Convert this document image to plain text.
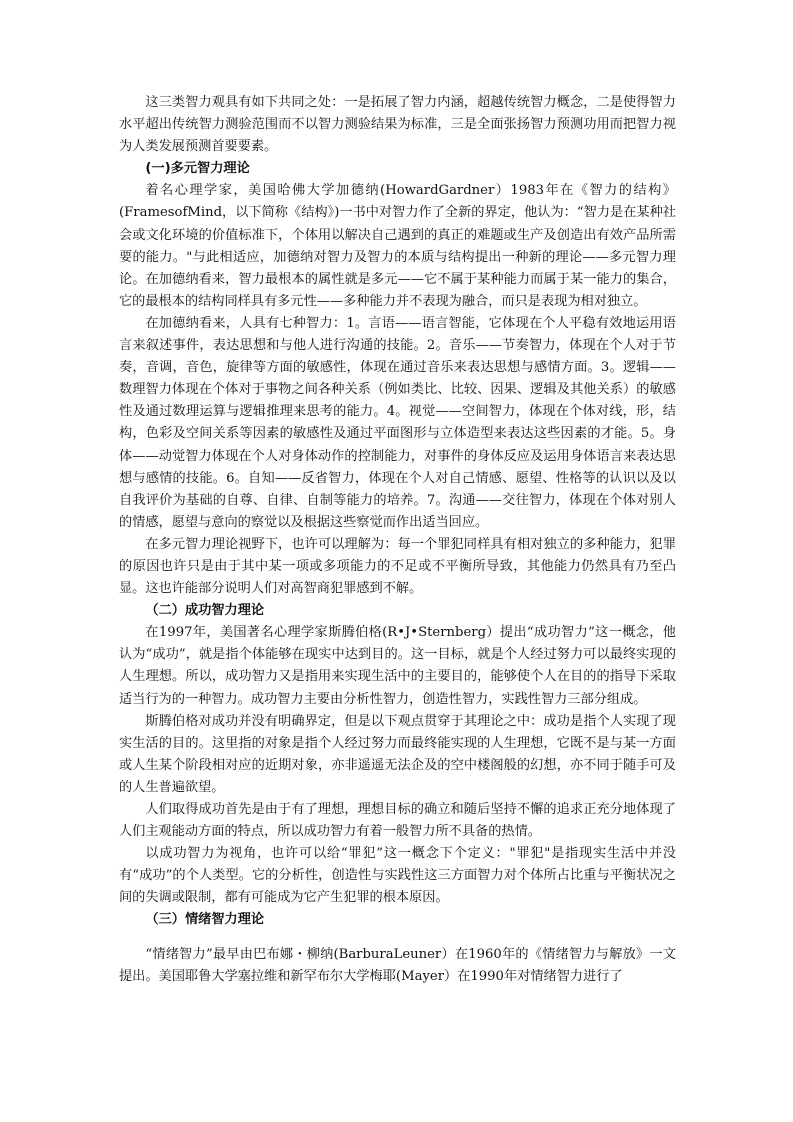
这三类智力观具有如下共同之处：一是拓展了智力内涵，超越传统智力概念，二是使得智力水平超出传统智力测验范围而不以智力测验结果为标准，三是全面张扬智力预测功用而把智力视为人类发展预测首要要素。

(一)多元智力理论

着名心理学家，美国哈佛大学加德纳(HowardGardner）1983年在《智力的结构》(FramesofMind，以下简称《结构》)一书中对智力作了全新的界定，他认为：“智力是在某种社会或文化环境的价值标准下，个体用以解决自己遇到的真正的难题或生产及创造出有效产品所需要的能力。"与此相适应，加德纳对智力及智力的本质与结构提出一种新的理论——多元智力理论。在加德纳看来，智力最根本的属性就是多元——它不属于某种能力而属于某一能力的集合，它的最根本的结构同样具有多元性——多种能力并不表现为融合，而只是表现为相对独立。

在加德纳看来，人具有七种智力：1。言语——语言智能，它体现在个人平稳有效地运用语言来叙述事件，表达思想和与他人进行沟通的技能。2。音乐——节奏智力，体现在个人对于节奏，音调，音色，旋律等方面的敏感性，体现在通过音乐来表达思想与感情方面。3。逻辑——数理智力体现在个体对于事物之间各种关系（例如类比、比较、因果、逻辑及其他关系）的敏感性及通过数理运算与逻辑推理来思考的能力。4。视觉——空间智力，体现在个体对线，形，结构，色彩及空间关系等因素的敏感性及通过平面图形与立体造型来表达这些因素的才能。5。身体——动觉智力体现在个人对身体动作的控制能力，对事件的身体反应及运用身体语言来表达思想与感情的技能。6。自知——反省智力，体现在个人对自己情感、愿望、性格等的认识以及以自我评价为基础的自尊、自律、自制等能力的培养。7。沟通——交往智力，体现在个体对别人的情感，愿望与意向的察觉以及根据这些察觉而作出适当回应。

在多元智力理论视野下，也许可以理解为：每一个罪犯同样具有相对独立的多种能力，犯罪的原因也许只是由于其中某一项或多项能力的不足或不平衡所导致，其他能力仍然具有乃至凸显。这也许能部分说明人们对高智商犯罪感到不解。

（二）成功智力理论

在1997年，美国著名心理学家斯腾伯格(R•J•Sternberg）提出“成功智力”这一概念，他认为“成功”，就是指个体能够在现实中达到目的。这一目标，就是个人经过努力可以最终实现的人生理想。所以，成功智力又是指用来实现生活中的主要目的，能够使个人在目的的指导下采取适当行为的一种智力。成功智力主要由分析性智力，创造性智力，实践性智力三部分组成。

斯腾伯格对成功并没有明确界定，但是以下观点贯穿于其理论之中：成功是指个人实现了现实生活的目的。这里指的对象是指个人经过努力而最终能实现的人生理想，它既不是与某一方面或人生某个阶段相对应的近期对象，亦非遥遥无法企及的空中楼阁般的幻想，亦不同于随手可及的人生普遍欲望。

人们取得成功首先是由于有了理想，理想目标的确立和随后坚持不懈的追求正充分地体现了人们主观能动方面的特点，所以成功智力有着一般智力所不具备的热情。

以成功智力为视角，也许可以给“罪犯”这一概念下个定义："罪犯"是指现实生活中并没有“成功”的个人类型。它的分析性，创造性与实践性这三方面智力对个体所占比重与平衡状况之间的失调或限制，都有可能成为它产生犯罪的根本原因。

（三）情绪智力理论

“情绪智力”最早由巴布娜・柳纳(BarburaLeuner）在1960年的《情绪智力与解放》一文提出。美国耶鲁大学塞拉维和新罕布尔大学梅耶(Mayer）在1990年对情绪智力进行了
